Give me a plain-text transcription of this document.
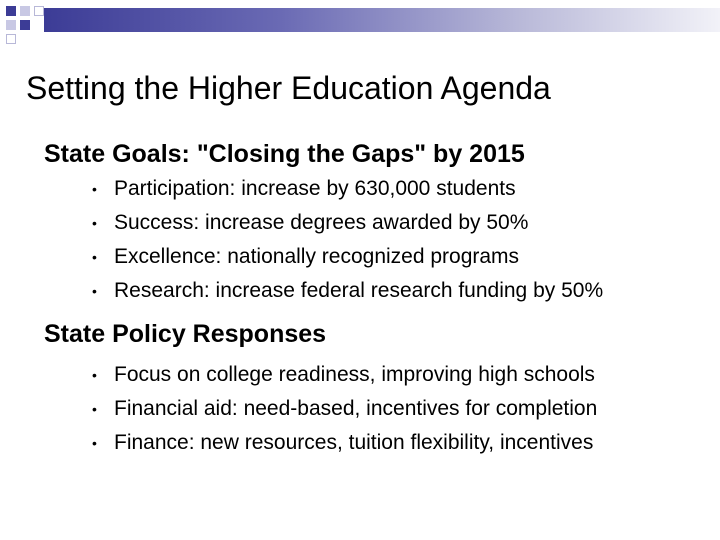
Setting the Higher Education Agenda
State Goals: "Closing the Gaps" by 2015
• Participation: increase by 630,000 students
• Success: increase degrees awarded by 50%
• Excellence: nationally recognized programs
• Research: increase federal research funding by 50%
State Policy Responses
• Focus on college readiness, improving high schools
• Financial aid: need-based, incentives for completion
• Finance: new resources, tuition flexibility, incentives
